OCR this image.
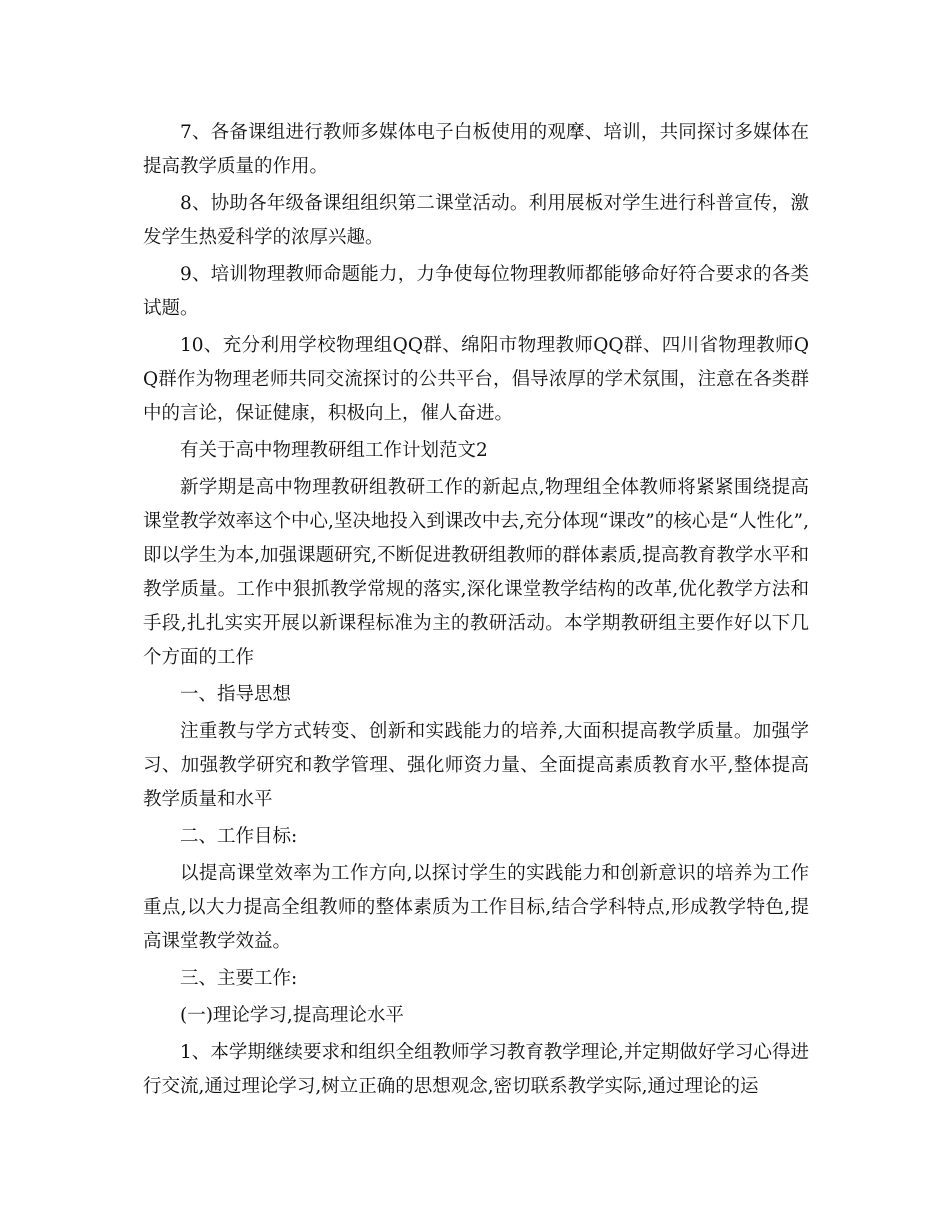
7、各备课组进行教师多媒体电子白板使用的观摩、培训，共同探讨多媒体在提高教学质量的作用。

8、协助各年级备课组组织第二课堂活动。利用展板对学生进行科普宣传，激发学生热爱科学的浓厚兴趣。

9、培训物理教师命题能力，力争使每位物理教师都能够命好符合要求的各类试题。

10、充分利用学校物理组QQ群、绵阳市物理教师QQ群、四川省物理教师QQ群作为物理老师共同交流探讨的公共平台，倡导浓厚的学术氛围，注意在各类群中的言论，保证健康，积极向上，催人奋进。

有关于高中物理教研组工作计划范文2

新学期是高中物理教研组教研工作的新起点,物理组全体教师将紧紧围绕提高课堂教学效率这个中心,坚决地投入到课改中去,充分体现“课改”的核心是“人性化”,即以学生为本,加强课题研究,不断促进教研组教师的群体素质,提高教育教学水平和教学质量。工作中狠抓教学常规的落实,深化课堂教学结构的改革,优化教学方法和手段,扎扎实实开展以新课程标准为主的教研活动。本学期教研组主要作好以下几个方面的工作

一、指导思想

注重教与学方式转变、创新和实践能力的培养,大面积提高教学质量。加强学习、加强教学研究和教学管理、强化师资力量、全面提高素质教育水平,整体提高教学质量和水平

二、工作目标:

以提高课堂效率为工作方向,以探讨学生的实践能力和创新意识的培养为工作重点,以大力提高全组教师的整体素质为工作目标,结合学科特点,形成教学特色,提高课堂教学效益。

三、主要工作:

(一)理论学习,提高理论水平

1、本学期继续要求和组织全组教师学习教育教学理论,并定期做好学习心得进行交流,通过理论学习,树立正确的思想观念,密切联系教学实际,通过理论的运
